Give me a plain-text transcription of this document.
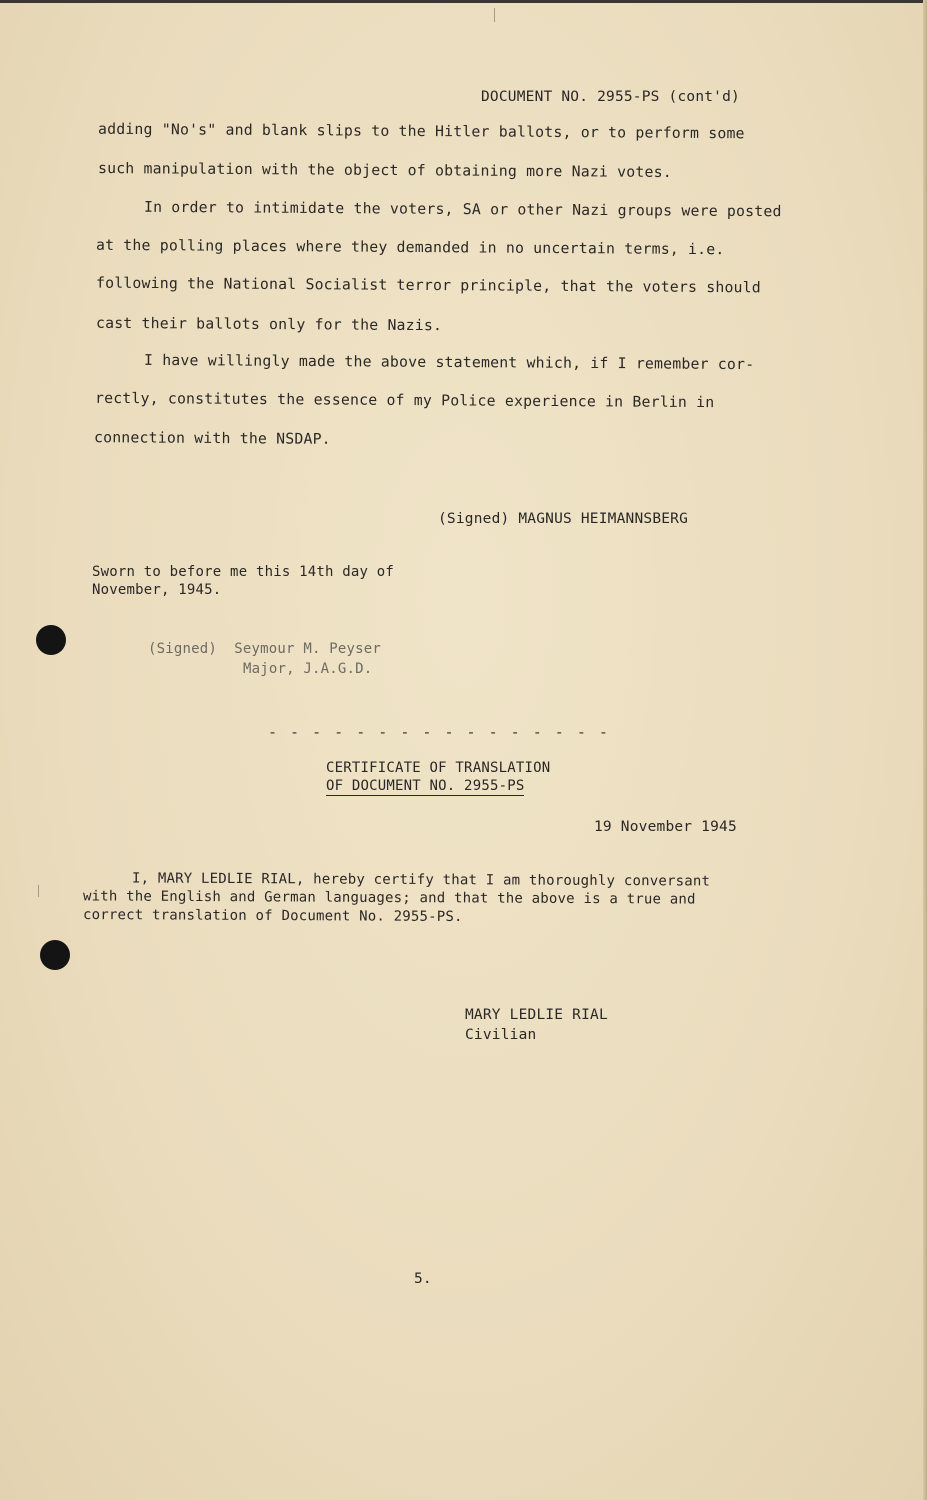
DOCUMENT NO. 2955-PS (cont'd)
adding "No's" and blank slips to the Hitler ballots, or to perform some
such manipulation with the object of obtaining more Nazi votes.
In order to intimidate the voters, SA or other Nazi groups were posted
at the polling places where they demanded in no uncertain terms, i.e.
following the National Socialist terror principle, that the voters should
cast their ballots only for the Nazis.
I have willingly made the above statement which, if I remember cor-
rectly, constitutes the essence of my Police experience in Berlin in
connection with the NSDAP.
(Signed) MAGNUS HEIMANNSBERG
Sworn to before me this 14th day of
November, 1945.
(Signed)  Seymour M. Peyser
Major, J.A.G.D.
- - - - - - - - - - - - - - - -
CERTIFICATE OF TRANSLATION
OF DOCUMENT NO. 2955-PS
19 November 1945
I, MARY LEDLIE RIAL, hereby certify that I am thoroughly conversant
with the English and German languages; and that the above is a true and
correct translation of Document No. 2955-PS.
MARY LEDLIE RIAL
Civilian
5.
